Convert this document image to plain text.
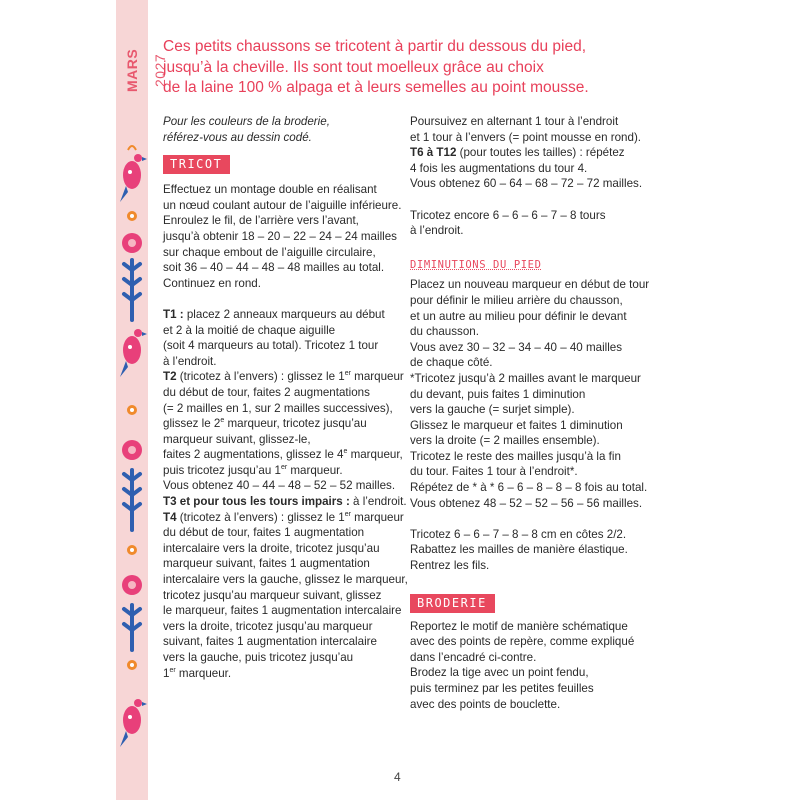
MARS 2027
Ces petits chaussons se tricotent à partir du dessous du pied,
jusqu’à la cheville. Ils sont tout moelleux grâce au choix
de la laine 100 % alpaga et à leurs semelles au point mousse.

Pour les couleurs de la broderie,

référez-vous au dessin codé.

TRICOT

Effectuez un montage double en réalisant

un nœud coulant autour de l’aiguille inférieure.

Enroulez le fil, de l’arrière vers l’avant,

jusqu’à obtenir 18 – 20 – 22 – 24 – 24 mailles

sur chaque embout de l’aiguille circulaire,

soit 36 – 40 – 44 – 48 – 48 mailles au total.

Continuez en rond.

T1 : placez 2 anneaux marqueurs au début

et 2 à la moitié de chaque aiguille

(soit 4 marqueurs au total). Tricotez 1 tour

à l’endroit.

T2 (tricotez à l’envers) : glissez le 1er marqueur

du début de tour, faites 2 augmentations

(= 2 mailles en 1, sur 2 mailles successives),

glissez le 2e marqueur, tricotez jusqu’au

marqueur suivant, glissez-le,

faites 2 augmentations, glissez le 4e marqueur,

puis tricotez jusqu’au 1er marqueur.

Vous obtenez 40 – 44 – 48 – 52 – 52 mailles.

T3 et pour tous les tours impairs : à l’endroit.

T4 (tricotez à l’envers) : glissez le 1er marqueur

du début de tour, faites 1 augmentation

intercalaire vers la droite, tricotez jusqu’au

marqueur suivant, faites 1 augmentation

intercalaire vers la gauche, glissez le marqueur,

tricotez jusqu’au marqueur suivant, glissez

le marqueur, faites 1 augmentation intercalaire

vers la droite, tricotez jusqu’au marqueur

suivant, faites 1 augmentation intercalaire

vers la gauche, puis tricotez jusqu’au

1er marqueur.

Poursuivez en alternant 1 tour à l’endroit

et 1 tour à l’envers (= point mousse en rond).

T6 à T12 (pour toutes les tailles) : répétez

4 fois les augmentations du tour 4.

Vous obtenez 60 – 64 – 68 – 72 – 72 mailles.

Tricotez encore 6 – 6 – 6 – 7 – 8 tours

à l’endroit.

DIMINUTIONS DU PIED

Placez un nouveau marqueur en début de tour

pour définir le milieu arrière du chausson,

et un autre au milieu pour définir le devant

du chausson.

Vous avez 30 – 32 – 34 – 40 – 40 mailles

de chaque côté.

*Tricotez jusqu’à 2 mailles avant le marqueur

du devant, puis faites 1 diminution

vers la gauche (= surjet simple).

Glissez le marqueur et faites 1 diminution

vers la droite (= 2 mailles ensemble).

Tricotez le reste des mailles jusqu’à la fin

du tour. Faites 1 tour à l’endroit*.

Répétez de * à * 6 – 6 – 8 – 8 – 8 fois au total.

Vous obtenez 48 – 52 – 52 – 56 – 56 mailles.

Tricotez 6 – 6 – 7 – 8 – 8 cm en côtes 2/2.

Rabattez les mailles de manière élastique.

Rentrez les fils.

BRODERIE

Reportez le motif de manière schématique

avec des points de repère, comme expliqué

dans l’encadré ci-contre.

Brodez la tige avec un point fendu,

puis terminez par les petites feuilles

avec des points de bouclette.

4
